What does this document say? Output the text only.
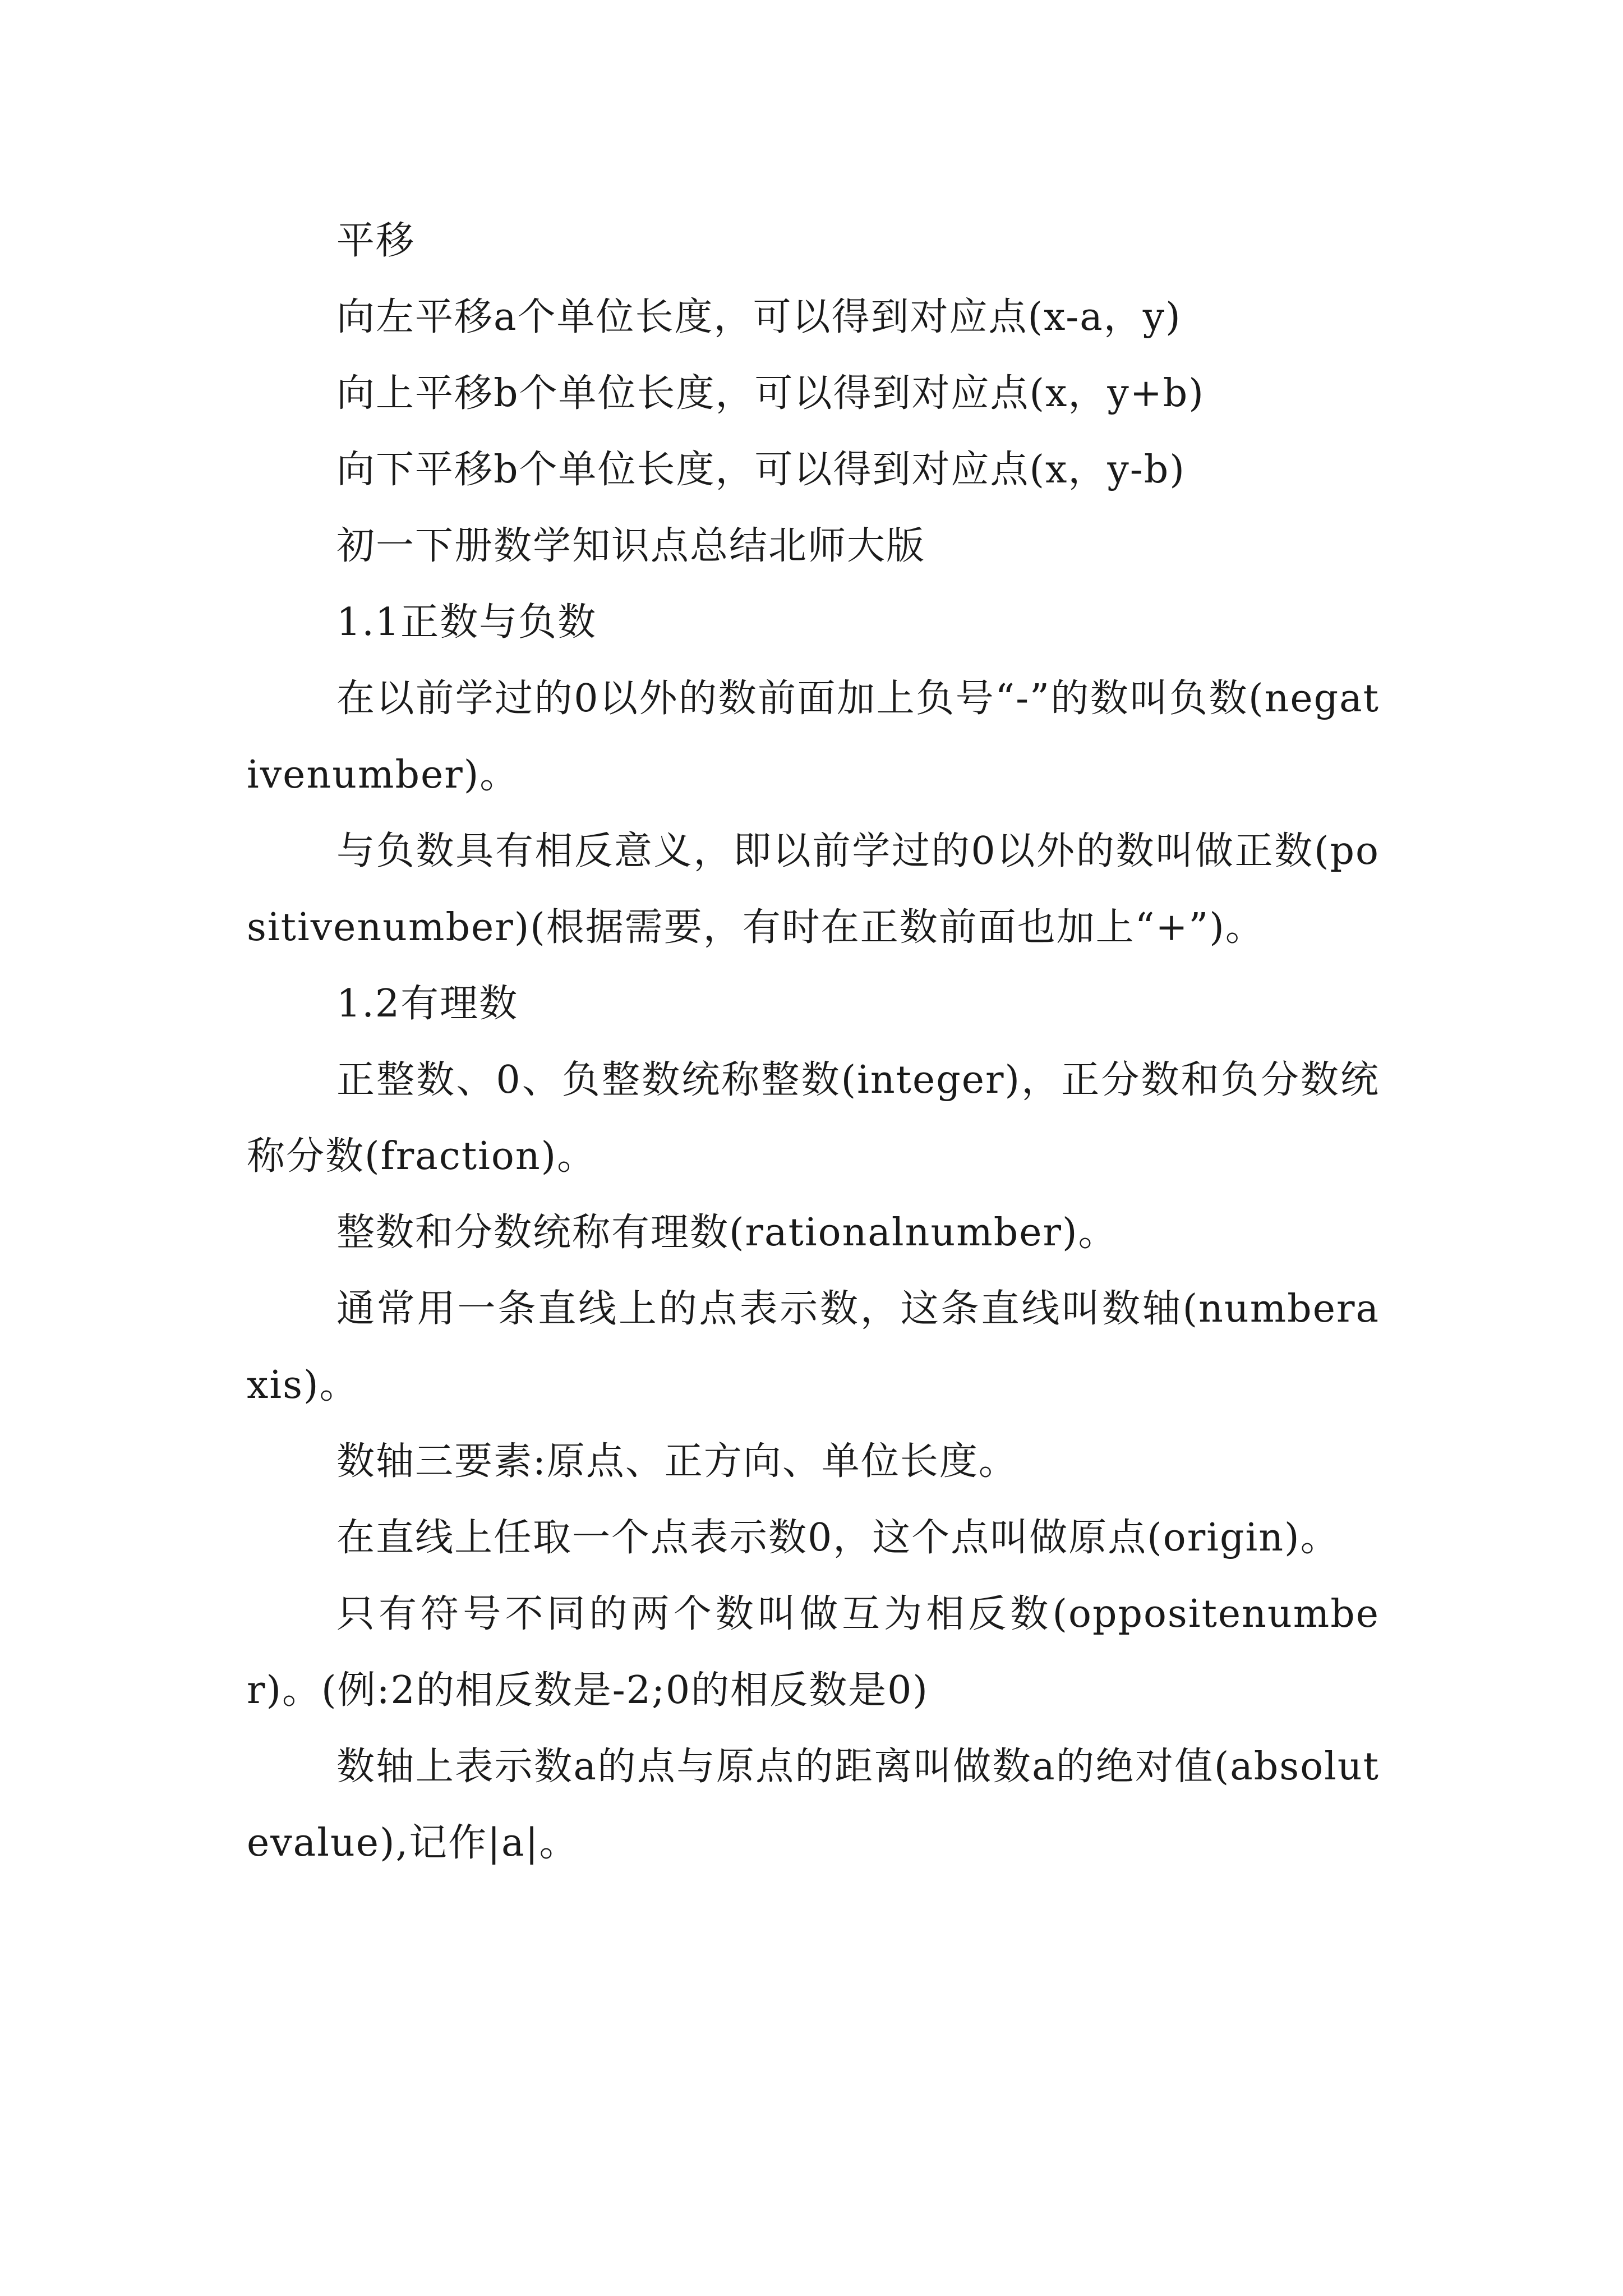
平移

向左平移a个单位长度，可以得到对应点(x-a，y)

向上平移b个单位长度，可以得到对应点(x，y+b)

向下平移b个单位长度，可以得到对应点(x，y-b)

初一下册数学知识点总结北师大版

1.1正数与负数

在以前学过的0以外的数前面加上负号“-”的数叫负数(negativenumber)。

与负数具有相反意义，即以前学过的0以外的数叫做正数(positivenumber)(根据需要，有时在正数前面也加上“+”)。

1.2有理数

正整数、0、负整数统称整数(integer)，正分数和负分数统称分数(fraction)。

整数和分数统称有理数(rationalnumber)。

通常用一条直线上的点表示数，这条直线叫数轴(numberaxis)。

数轴三要素:原点、正方向、单位长度。

在直线上任取一个点表示数0，这个点叫做原点(origin)。

只有符号不同的两个数叫做互为相反数(oppositenumber)。(例:2的相反数是-2;0的相反数是0)

数轴上表示数a的点与原点的距离叫做数a的绝对值(absolutevalue),记作|a|。
